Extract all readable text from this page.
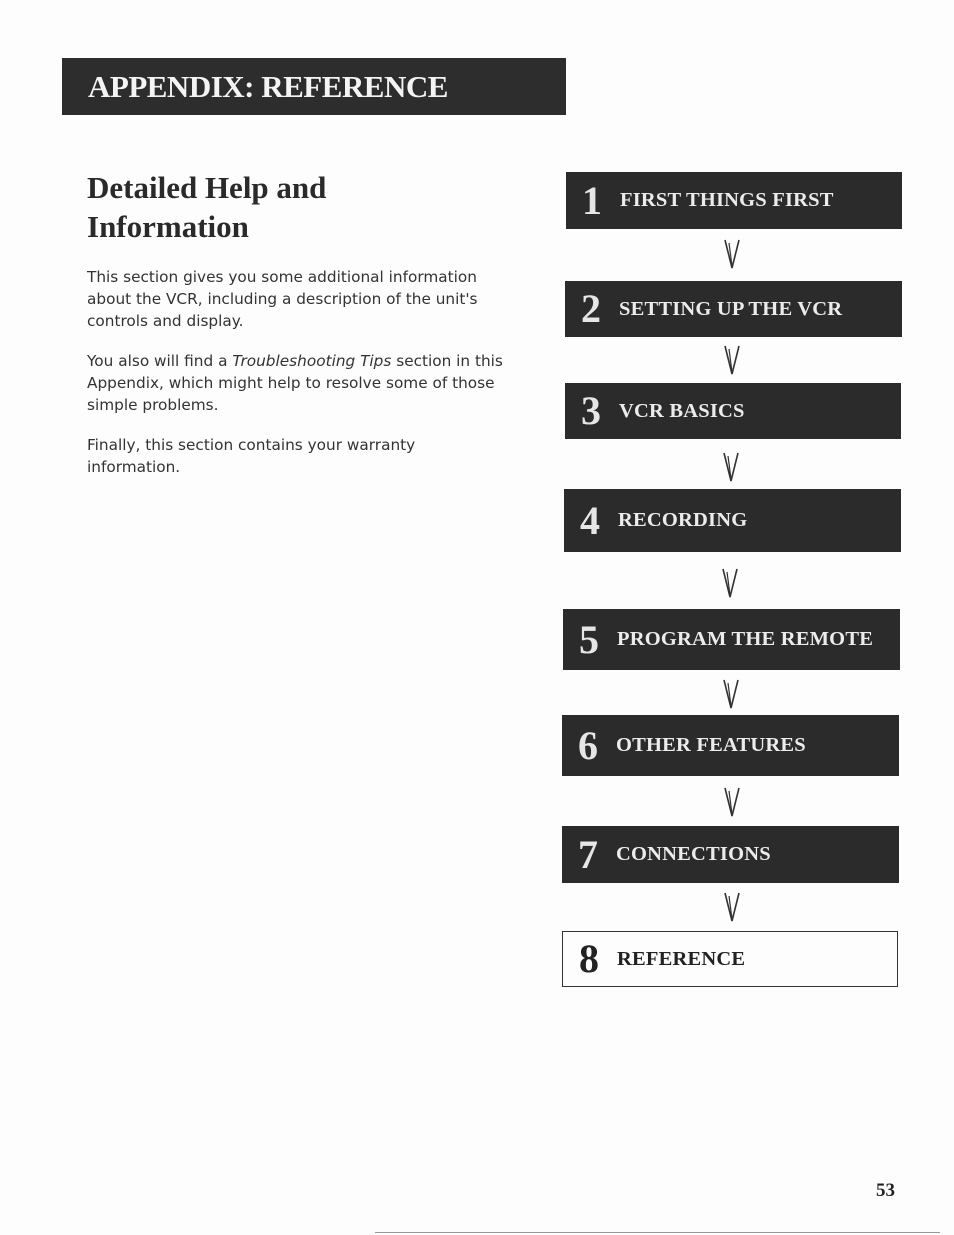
APPENDIX: REFERENCE
Detailed Help and
Information

This section gives you some additional information about the VCR, including a description of the unit's controls and display.

You also will find a Troubleshooting Tips section in this Appendix, which might help to resolve some of those simple problems.

Finally, this section contains your warranty information.

1 FIRST THINGS FIRST
2 SETTING UP THE VCR
3 VCR BASICS
4 RECORDING
5 PROGRAM THE REMOTE
6 OTHER FEATURES
7 CONNECTIONS
8 REFERENCE
53
